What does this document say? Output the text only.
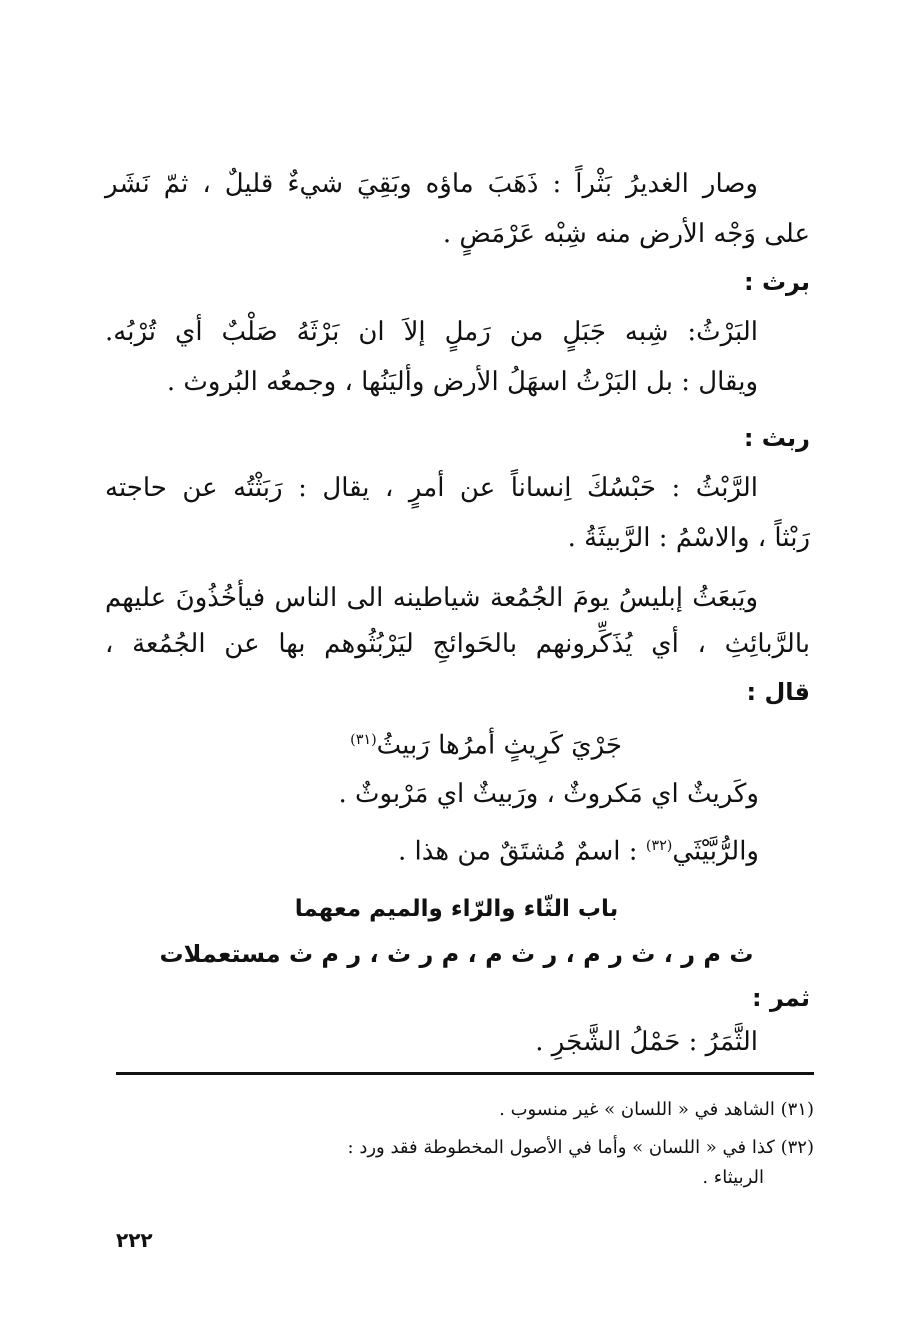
وصار الغديرُ بَثْراً : ذَهَبَ ماؤه وبَقِيَ شيءٌ قليلٌ ، ثمّ نَشَر
على وَجْه الأرض منه شِبْه عَرْمَضٍ .
برث :
البَرْثُ: شِبه جَبَلٍ من رَملٍ إلاَ ان بَرْثَهُ صَلْبٌ أي تُرْبُه.
ويقال : بل البَرْثُ اسهَلُ الأرض وأليَنُها ، وجمعُه البُروث .
ربث :
الرَّبْثُ : حَبْسُكَ اِنساناً عن أمرٍ ، يقال : رَبَثْتُه عن حاجته
رَبْثاً ، والاسْمُ : الرَّبيثَةُ .
ويَبعَثُ إبليسُ يومَ الجُمُعة شياطينه الى الناس فيأخُذُونَ عليهم
بالرَّبائِثِ ، أي يُذَكِّرونهم بالحَوائجِ ليَرْبُثُوهم بها عن الجُمُعة ،
قال :
جَرْيَ كَرِيثٍ أمرُها رَبيثُ$^{(٣١)}$
وكَريثٌ اي مَكروثٌ ، ورَبيثٌ اي مَرْبوثٌ .
والرُّبَّيْثَي$^{(٣٢)}$ : اسمٌ مُشتَقٌ من هذا .
باب الثّاء والرّاء والميم معهما
ث م ر ، ث ر م ، ر ث م ، م ر ث ، ر م ث مستعملات
ثمر :
الثَّمَرُ : حَمْلُ الشَّجَرِ .
(٣١) الشاهد في « اللسان » غير منسوب .
(٣٢) كذا في « اللسان » وأما في الأصول المخطوطة فقد ورد :
الربيثاء .
٢٢٢
